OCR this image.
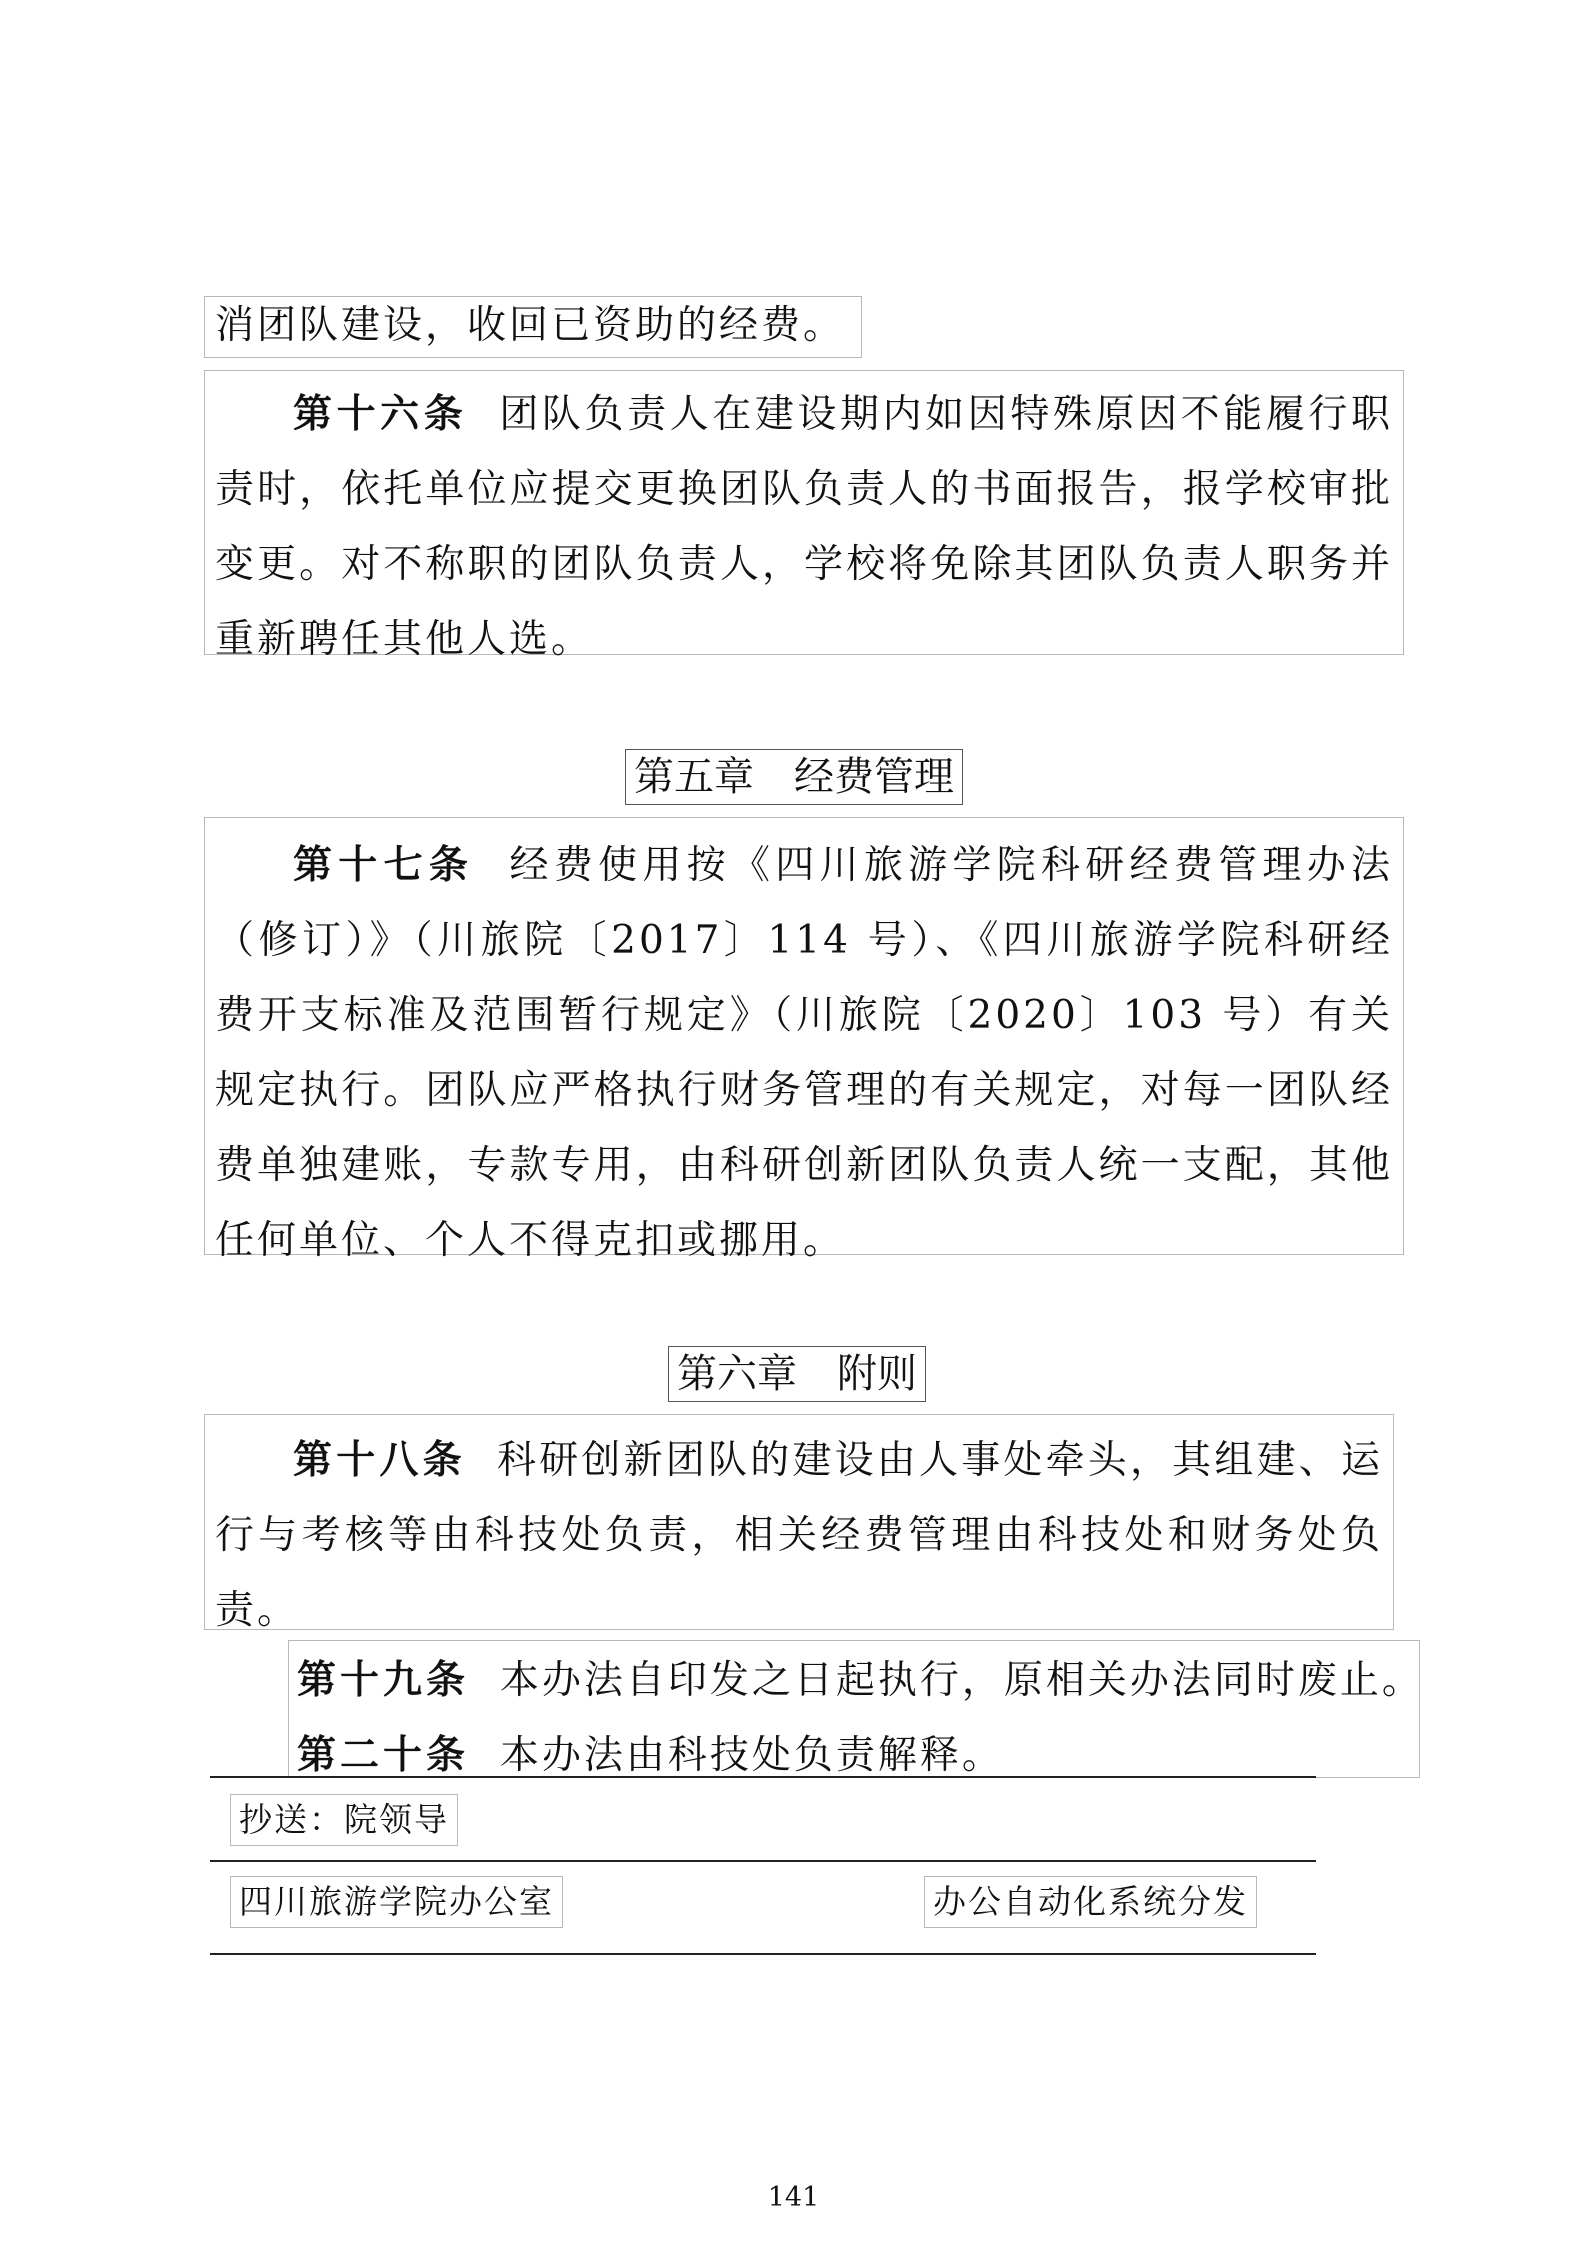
消团队建设，收回已资助的经费。

第十六条 团队负责人在建设期内如因特殊原因不能履行职责时，依托单位应提交更换团队负责人的书面报告，报学校审批变更。对不称职的团队负责人，学校将免除其团队负责人职务并重新聘任其他人选。

第五章　经费管理

第十七条 经费使用按《四川旅游学院科研经费管理办法（修订）》（川旅院〔2017〕114 号）、《四川旅游学院科研经费开支标准及范围暂行规定》（川旅院〔2020〕103 号）有关规定执行。团队应严格执行财务管理的有关规定，对每一团队经费单独建账，专款专用，由科研创新团队负责人统一支配，其他任何单位、个人不得克扣或挪用。

第六章　附则

第十八条 科研创新团队的建设由人事处牵头，其组建、运行与考核等由科技处负责，相关经费管理由科技处和财务处负责。

第十九条 本办法自印发之日起执行，原相关办法同时废止。

第二十条 本办法由科技处负责解释。

抄送：院领导
四川旅游学院办公室	办公自动化系统分发
141
